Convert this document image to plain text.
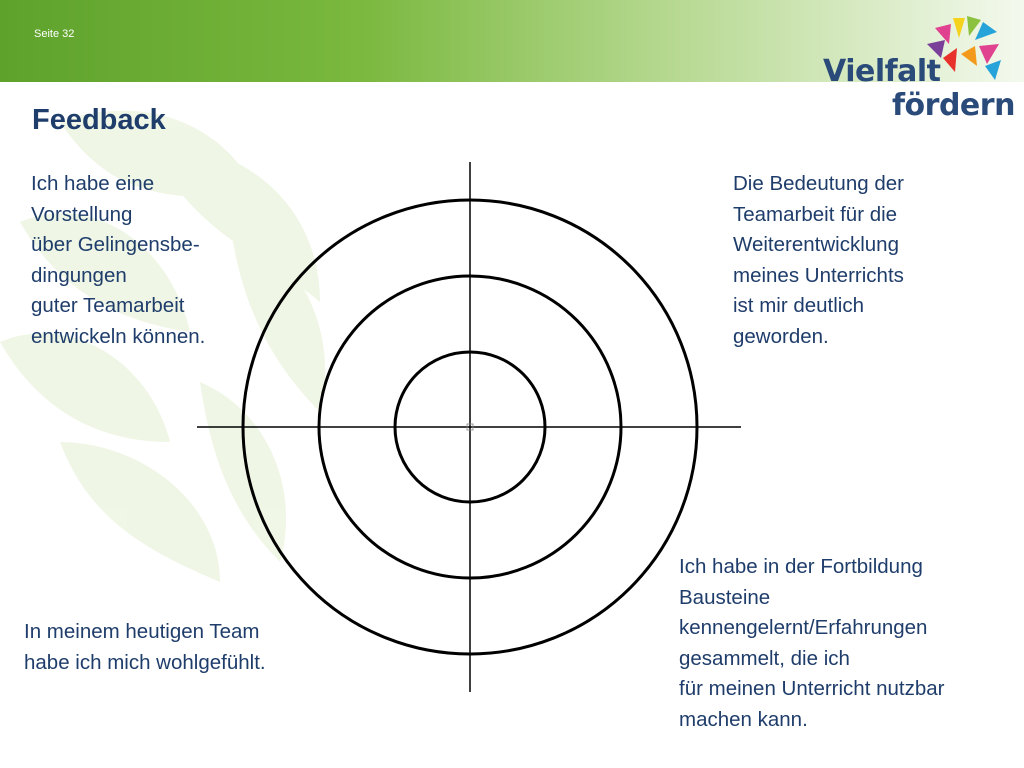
Seite 32
Vielfalt
fördern
Feedback
Ich habe eine
Vorstellung
über Gelingensbe-
dingungen
guter Teamarbeit
entwickeln können.
Die Bedeutung der
Teamarbeit für die
Weiterentwicklung
meines Unterrichts
ist mir deutlich
geworden.
In meinem heutigen Team
habe ich mich wohlgefühlt.
Ich habe in der Fortbildung
Bausteine
kennengelernt/Erfahrungen
gesammelt, die ich
für meinen Unterricht nutzbar
machen kann.
